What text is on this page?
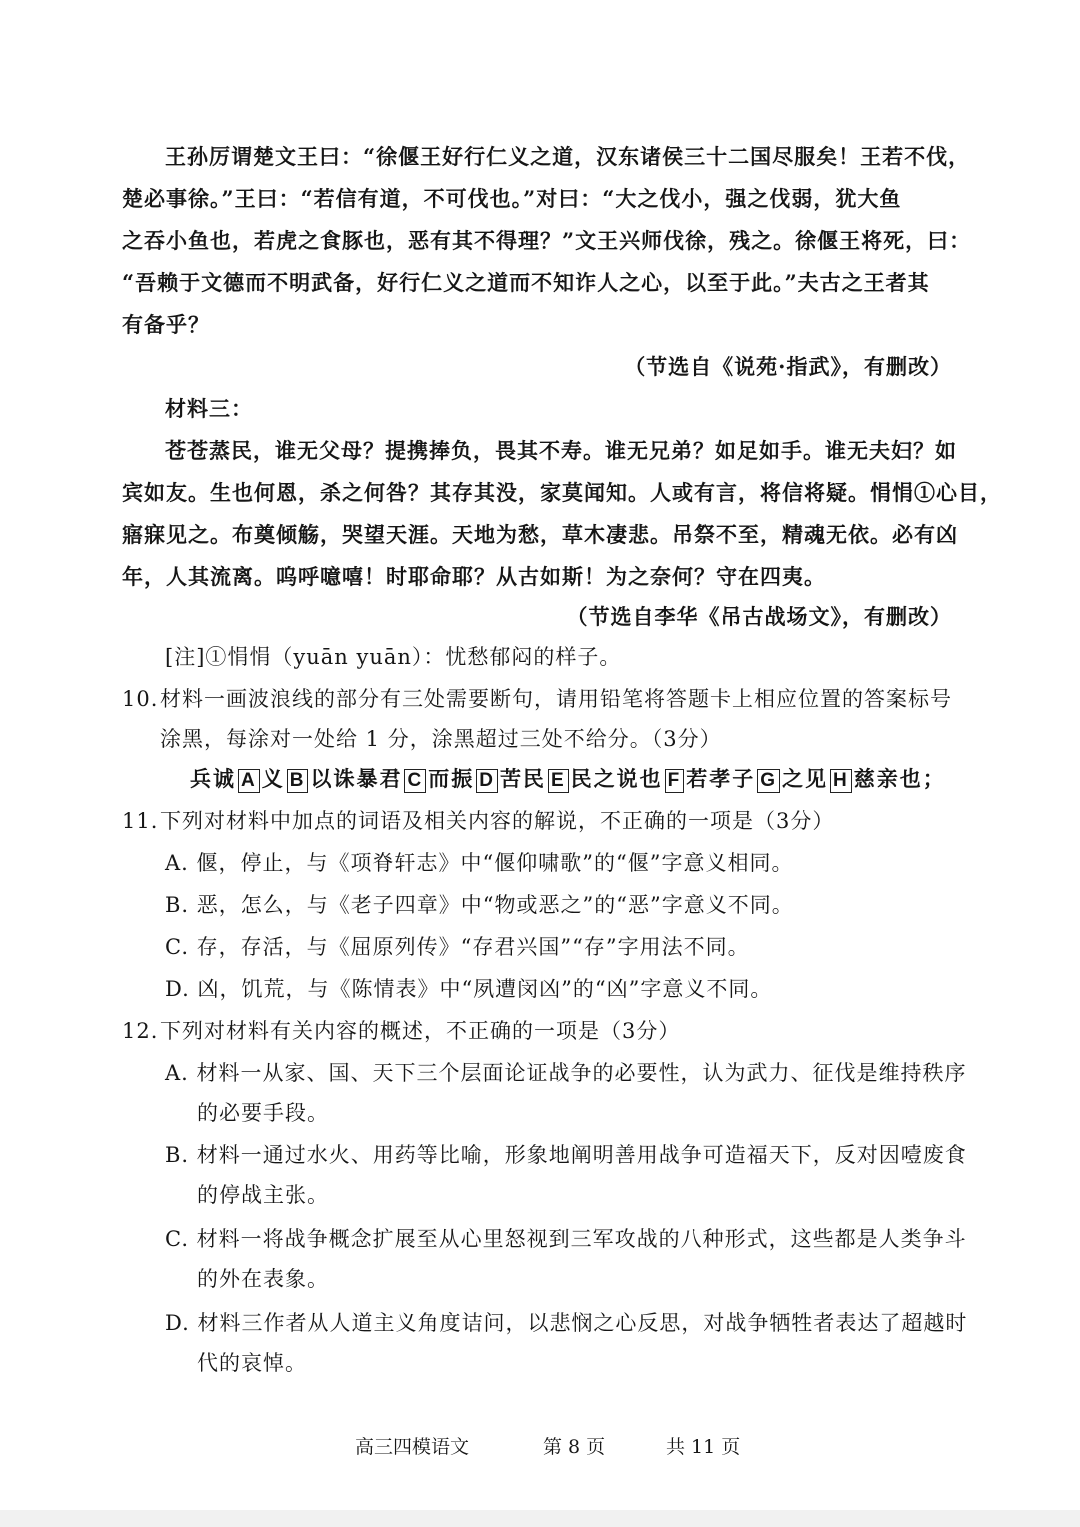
王孙厉谓楚文王曰：“徐偃王好行仁义之道，汉东诸侯三十二国尽服矣！王若不伐，
楚必事徐。”王曰：“若信有道，不可伐也。”对曰：“大之伐小，强之伐弱，犹大鱼
之吞小鱼也，若虎之食豚也，恶有其不得理？”文王兴师伐徐，残之。徐偃王将死，曰：
“吾赖于文德而不明武备，好行仁义之道而不知诈人之心，以至于此。”夫古之王者其
有备乎？
（节选自《说苑·指武》，有删改）
材料三：
苍苍蒸民，谁无父母？提携捧负，畏其不寿。谁无兄弟？如足如手。谁无夫妇？如
宾如友。生也何恩，杀之何咎？其存其没，家莫闻知。人或有言，将信将疑。悁悁①心目，
寤寐见之。布奠倾觞，哭望天涯。天地为愁，草木凄悲。吊祭不至，精魂无依。必有凶
年，人其流离。呜呼噫嘻！时耶命耶？从古如斯！为之奈何？守在四夷。
（节选自李华《吊古战场文》，有删改）
[注]①悁悁（yuān yuān）：忧愁郁闷的样子。
10. 材料一画波浪线的部分有三处需要断句，请用铅笔将答题卡上相应位置的答案标号
涂黑，每涂对一处给 1 分，涂黑超过三处不给分。（3分）
兵诚 A 义 B 以诛暴君 C 而振 D 苦民 E 民之说也 F 若孝子 G 之见 H 慈亲也；
11. 下列对材料中加点的词语及相关内容的解说，不正确的一项是（3分）
A. 偃，停止，与《项脊轩志》中“偃仰啸歌”的“偃”字意义相同。
B. 恶，怎么，与《老子四章》中“物或恶之”的“恶”字意义不同。
C. 存，存活，与《屈原列传》“存君兴国”“存”字用法不同。
D. 凶，饥荒，与《陈情表》中“夙遭闵凶”的“凶”字意义不同。
12. 下列对材料有关内容的概述，不正确的一项是（3分）
A. 材料一从家、国、天下三个层面论证战争的必要性，认为武力、征伐是维持秩序
的必要手段。
B. 材料一通过水火、用药等比喻，形象地阐明善用战争可造福天下，反对因噎废食
的停战主张。
C. 材料一将战争概念扩展至从心里怒视到三军攻战的八种形式，这些都是人类争斗
的外在表象。
D. 材料三作者从人道主义角度诘问，以悲悯之心反思，对战争牺牲者表达了超越时
代的哀悼。
高三四模语文	第 8 页	共 11 页
